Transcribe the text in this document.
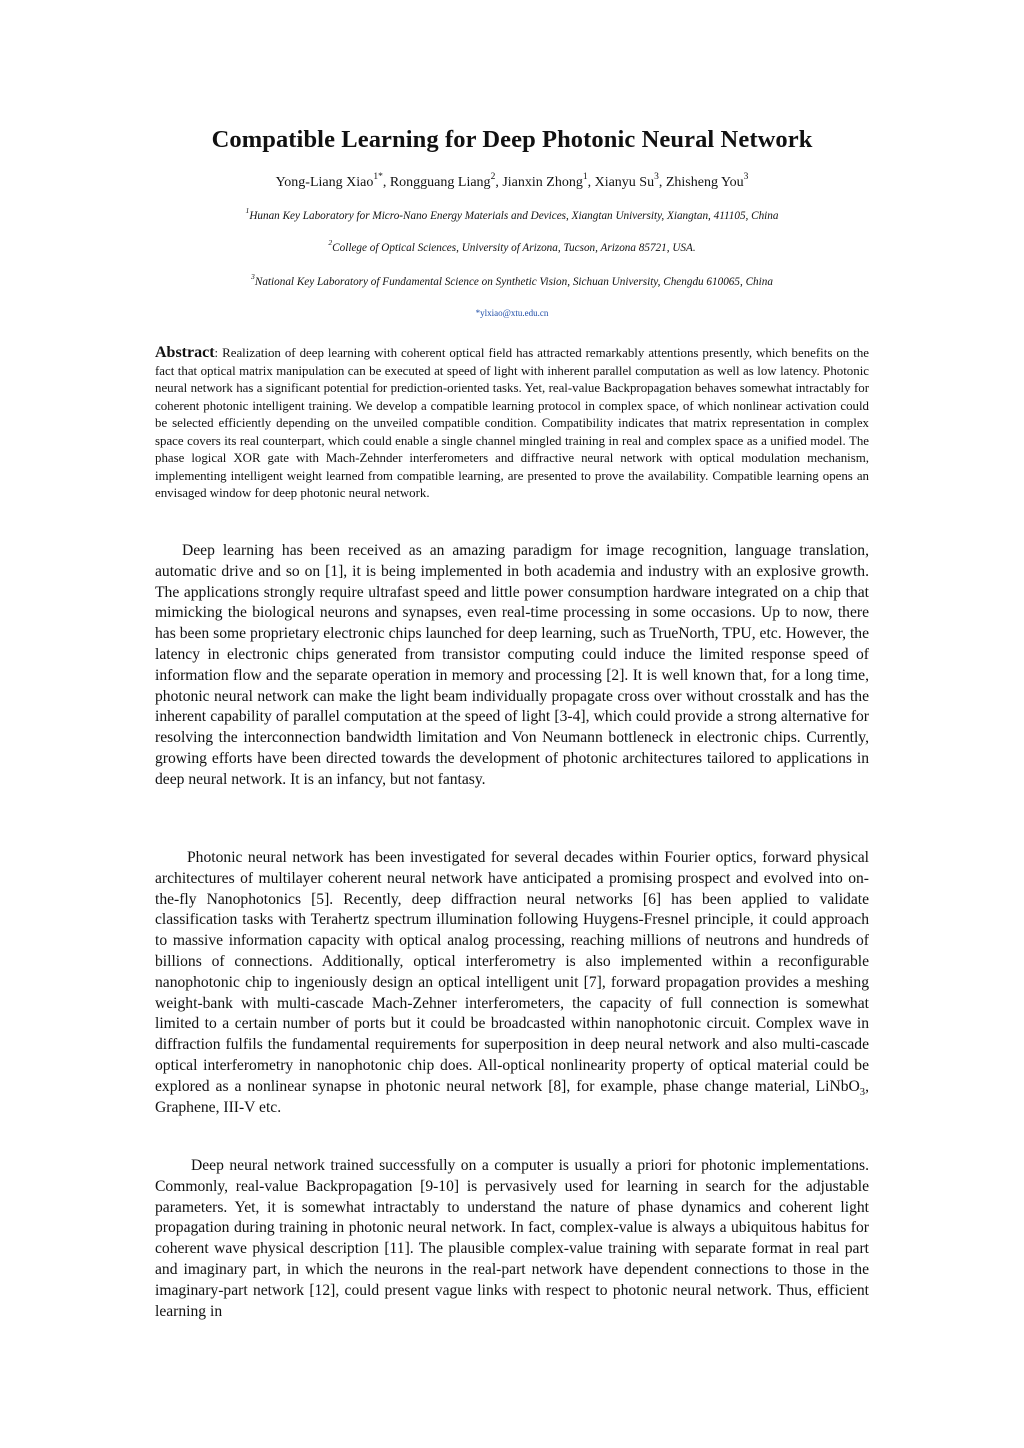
Compatible Learning for Deep Photonic Neural Network

Yong-Liang Xiao$^{1*}$, Rongguang Liang$^2$, Jianxin Zhong$^1$, Xianyu Su$^3$, Zhisheng You$^3$

$^1$Hunan Key Laboratory for Micro-Nano Energy Materials and Devices, Xiangtan University, Xiangtan, 411105, China

$^2$College of Optical Sciences, University of Arizona, Tucson, Arizona 85721, USA.

$^3$National Key Laboratory of Fundamental Science on Synthetic Vision, Sichuan University, Chengdu 610065, China

*ylxiao@xtu.edu.cn

Abstract: Realization of deep learning with coherent optical field has attracted remarkably attentions presently, which benefits on the fact that optical matrix manipulation can be executed at speed of light with inherent parallel computation as well as low latency. Photonic neural network has a significant potential for prediction-oriented tasks. Yet, real-value Backpropagation behaves somewhat intractably for coherent photonic intelligent training. We develop a compatible learning protocol in complex space, of which nonlinear activation could be selected efficiently depending on the unveiled compatible condition. Compatibility indicates that matrix representation in complex space covers its real counterpart, which could enable a single channel mingled training in real and complex space as a unified model. The phase logical XOR gate with Mach-Zehnder interferometers and diffractive neural network with optical modulation mechanism, implementing intelligent weight learned from compatible learning, are presented to prove the availability. Compatible learning opens an envisaged window for deep photonic neural network.

Deep learning has been received as an amazing paradigm for image recognition, language translation, automatic drive and so on [1], it is being implemented in both academia and industry with an explosive growth. The applications strongly require ultrafast speed and little power consumption hardware integrated on a chip that mimicking the biological neurons and synapses, even real-time processing in some occasions. Up to now, there has been some proprietary electronic chips launched for deep learning, such as TrueNorth, TPU, etc. However, the latency in electronic chips generated from transistor computing could induce the limited response speed of information flow and the separate operation in memory and processing [2]. It is well known that, for a long time, photonic neural network can make the light beam individually propagate cross over without crosstalk and has the inherent capability of parallel computation at the speed of light [3-4], which could provide a strong alternative for resolving the interconnection bandwidth limitation and Von Neumann bottleneck in electronic chips. Currently, growing efforts have been directed towards the development of photonic architectures tailored to applications in deep neural network. It is an infancy, but not fantasy.

Photonic neural network has been investigated for several decades within Fourier optics, forward physical architectures of multilayer coherent neural network have anticipated a promising prospect and evolved into on-the-fly Nanophotonics [5]. Recently, deep diffraction neural networks [6] has been applied to validate classification tasks with Terahertz spectrum illumination following Huygens-Fresnel principle, it could approach to massive information capacity with optical analog processing, reaching millions of neutrons and hundreds of billions of connections. Additionally, optical interferometry is also implemented within a reconfigurable nanophotonic chip to ingeniously design an optical intelligent unit [7], forward propagation provides a meshing weight-bank with multi-cascade Mach-Zehner interferometers, the capacity of full connection is somewhat limited to a certain number of ports but it could be broadcasted within nanophotonic circuit. Complex wave in diffraction fulfils the fundamental requirements for superposition in deep neural network and also multi-cascade optical interferometry in nanophotonic chip does. All-optical nonlinearity property of optical material could be explored as a nonlinear synapse in photonic neural network [8], for example, phase change material, LiNbO$_3$, Graphene, III-V etc.

Deep neural network trained successfully on a computer is usually a priori for photonic implementations. Commonly, real-value Backpropagation [9-10] is pervasively used for learning in search for the adjustable parameters. Yet, it is somewhat intractably to understand the nature of phase dynamics and coherent light propagation during training in photonic neural network. In fact, complex-value is always a ubiquitous habitus for coherent wave physical description [11]. The plausible complex-value training with separate format in real part and imaginary part, in which the neurons in the real-part network have dependent connections to those in the imaginary-part network [12], could present vague links with respect to photonic neural network. Thus, efficient learning in
